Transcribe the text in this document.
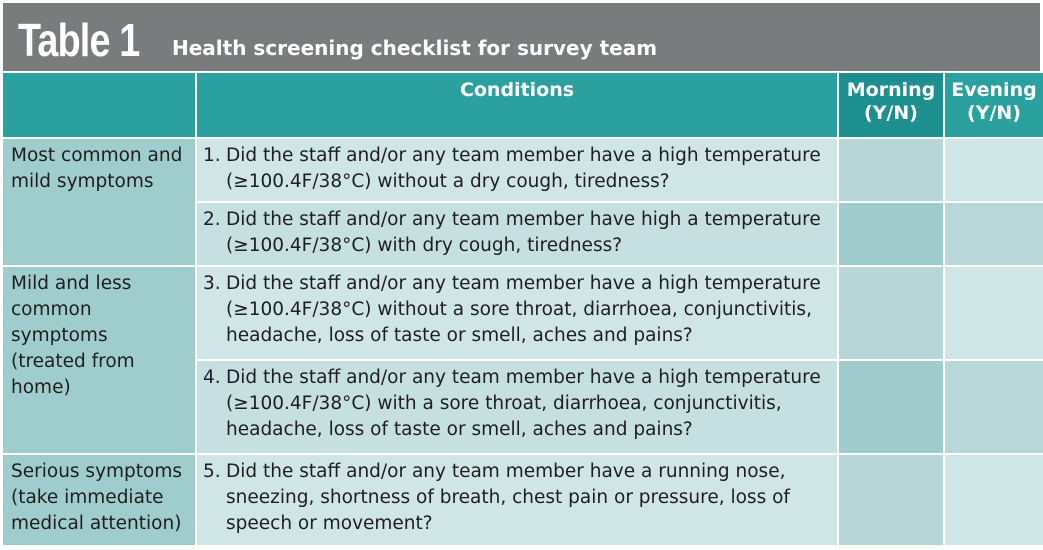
Table 1 Health screening checklist for survey team
Conditions	Morning
(Y/N)
Evening
(Y/N)
Most common and mild symptoms
Mild and less common symptoms (treated from home)
Serious symptoms (take immediate medical attention)
1. Did the staff and/or any team member have a high temperature (≥100.4F/38°C) without a dry cough, tiredness?
2. Did the staff and/or any team member have high a temperature (≥100.4F/38°C) with dry cough, tiredness?
3. Did the staff and/or any team member have a high temperature (≥100.4F/38°C) without a sore throat, diarrhoea, conjunctivitis, headache, loss of taste or smell, aches and pains?
4. Did the staff and/or any team member have a high temperature (≥100.4F/38°C) with a sore throat, diarrhoea, conjunctivitis, headache, loss of taste or smell, aches and pains?
5. Did the staff and/or any team member have a running nose, sneezing, shortness of breath, chest pain or pressure, loss of speech or movement?
